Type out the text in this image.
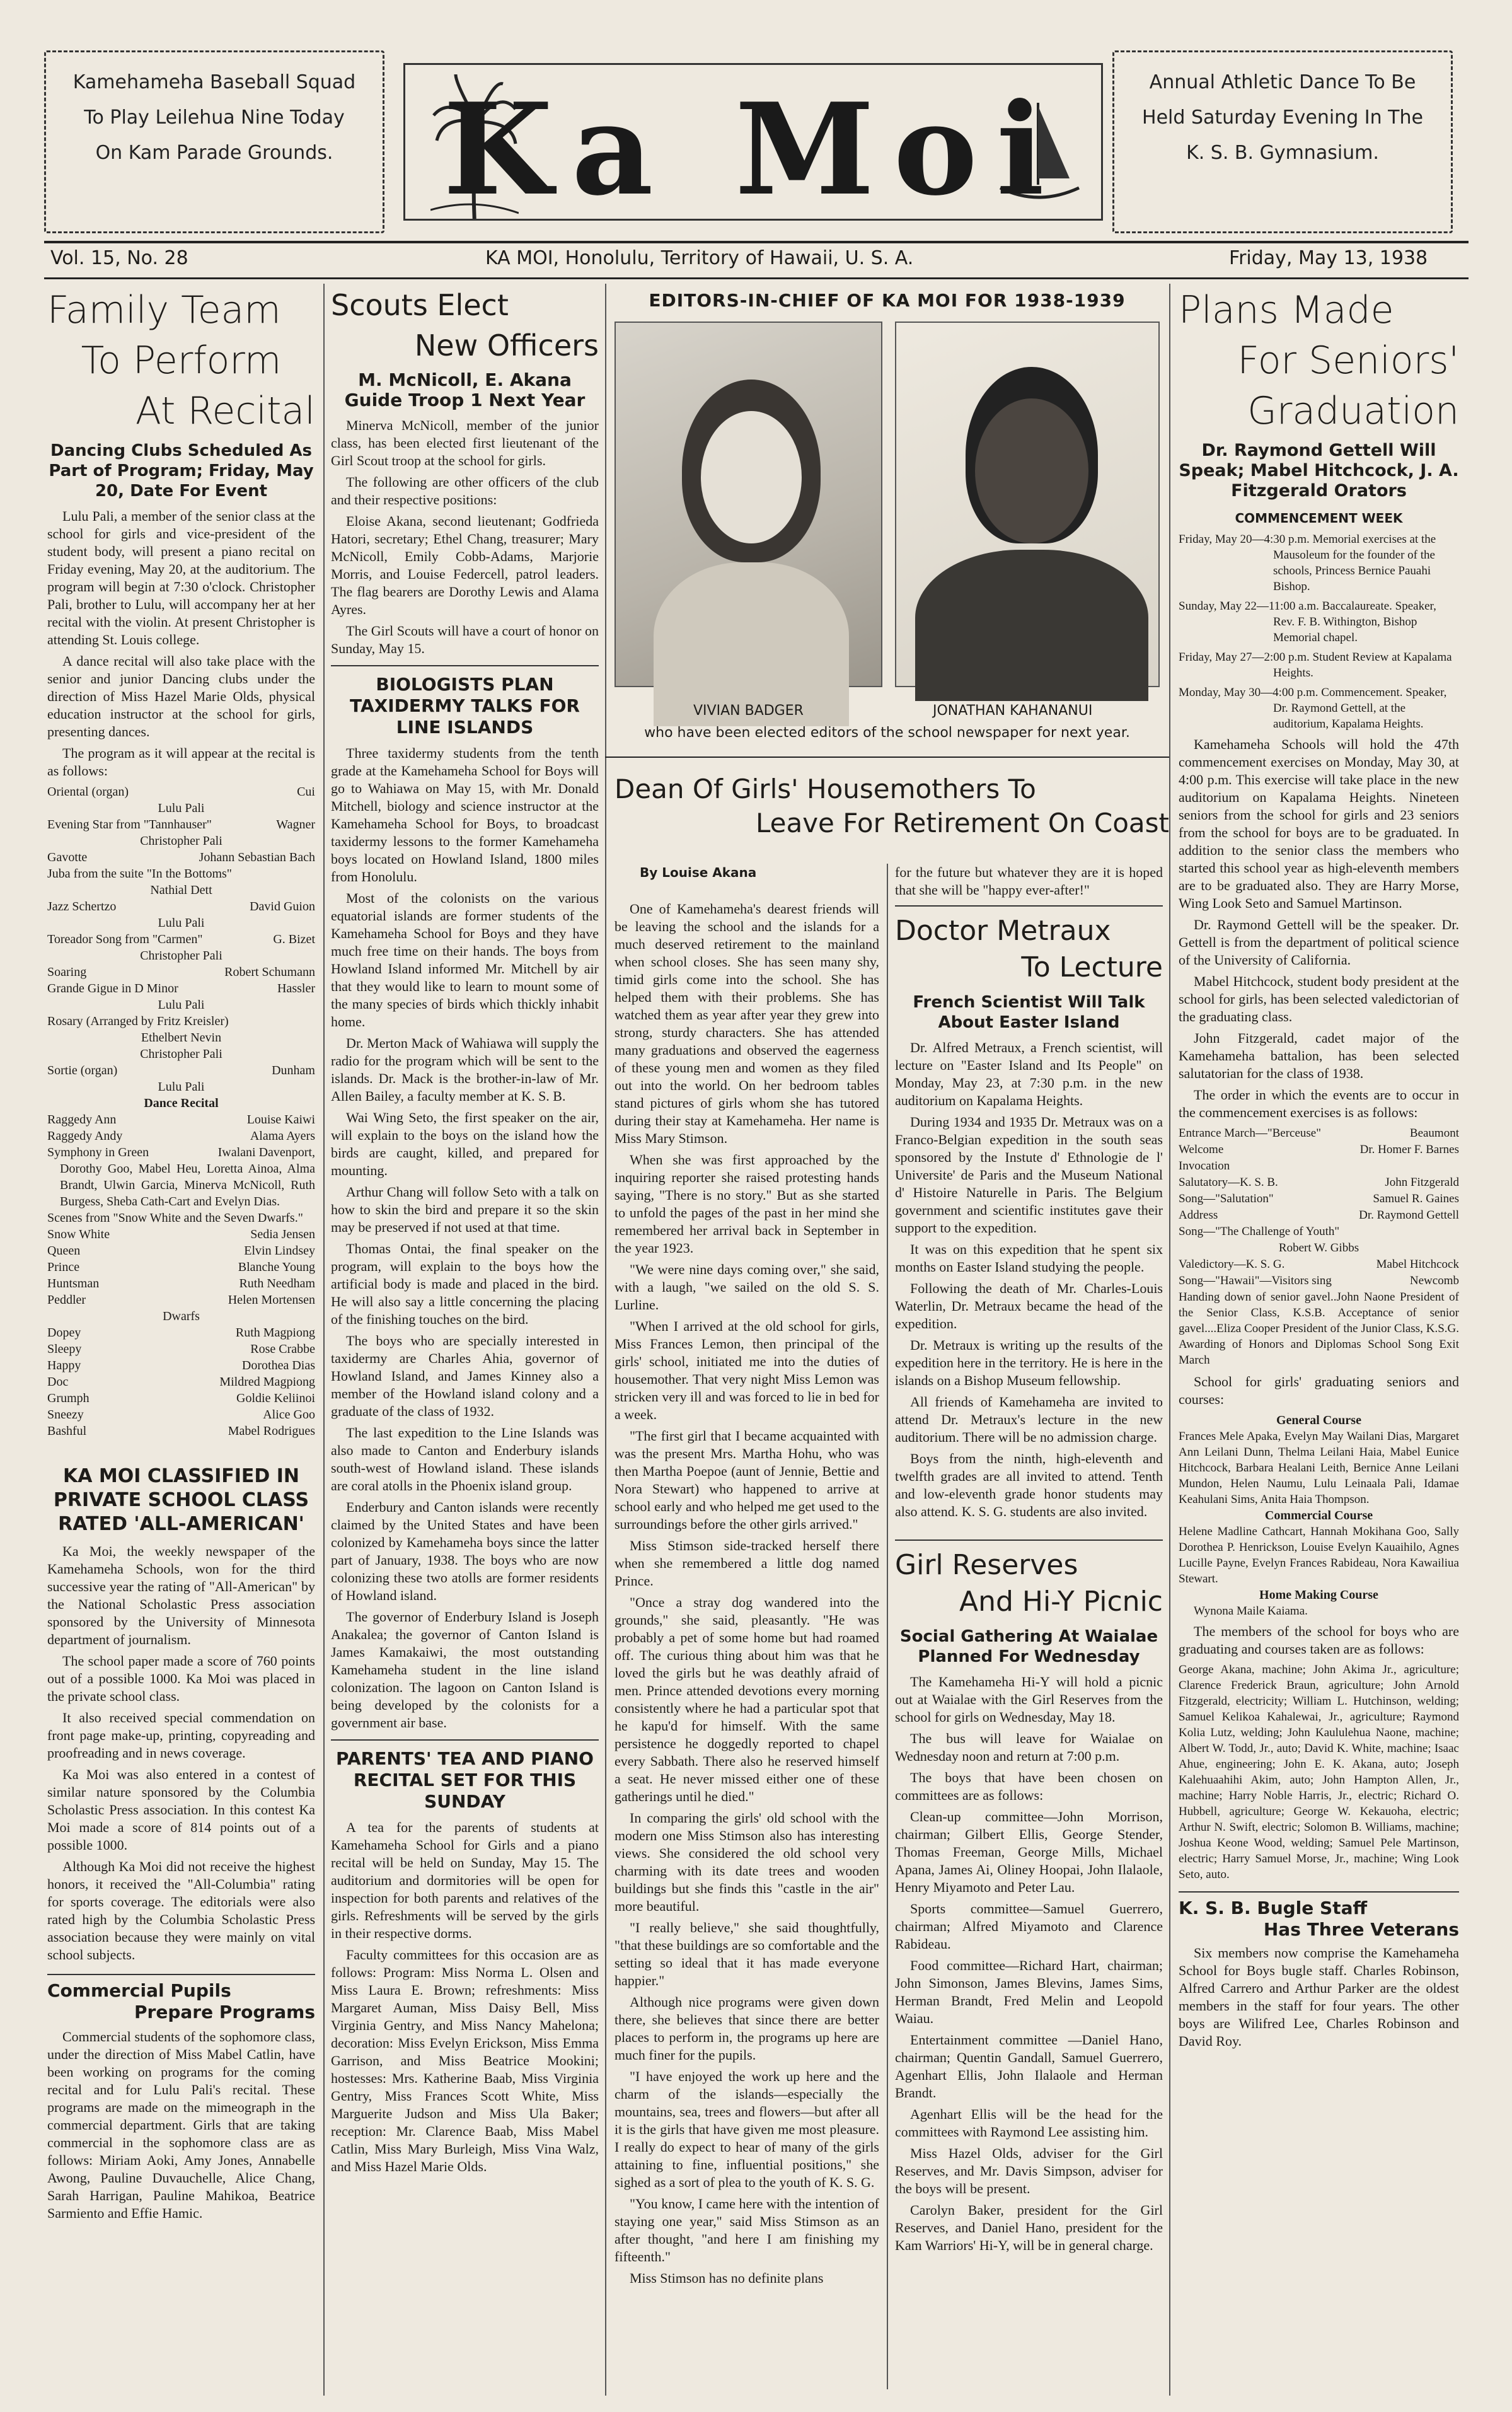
Kamehameha Baseball Squad To Play Leilehua Nine Today On Kam Parade Grounds.
Annual Athletic Dance To Be Held Saturday Evening In The K. S. B. Gymnasium.
Ka Moi
Vol. 15, No. 28	KA MOI, Honolulu, Territory of Hawaii, U. S. A.	Friday, May 13, 1938

Family Team

To Perform

At Recital

Dancing Clubs Scheduled As Part of Program; Friday, May 20, Date For Event

Lulu Pali, a member of the senior class at the school for girls and vice-president of the student body, will present a piano recital on Friday evening, May 20, at the auditorium. The program will begin at 7:30 o'clock. Christopher Pali, brother to Lulu, will accompany her at her recital with the violin. At present Christopher is attending St. Louis college.

A dance recital will also take place with the senior and junior Dancing clubs under the direction of Miss Hazel Marie Olds, physical education instructor at the school for girls, presenting dances.

The program as it will appear at the recital is as follows:

Oriental (organ)	Cui
Lulu Pali
Evening Star from "Tannhauser"	Wagner
Christopher Pali
Gavotte	Johann Sebastian Bach
Juba from the suite "In the Bottoms"
Nathial Dett
Jazz Schertzo	David Guion
Lulu Pali
Toreador Song from "Carmen"	G. Bizet
Christopher Pali
Soaring	Robert Schumann
Grande Gigue in D Minor	Hassler
Lulu Pali
Rosary (Arranged by Fritz Kreisler)
Ethelbert Nevin
Christopher Pali
Sortie (organ)	Dunham
Lulu Pali
Dance Recital
Raggedy Ann	Louise Kaiwi
Raggedy Andy	Alama Ayers
Symphony in Green	Iwalani Davenport,
Dorothy Goo, Mabel Heu, Loretta Ainoa, Alma Brandt, Ulwin Garcia, Minerva McNicoll, Ruth Burgess, Sheba Cath-Cart and Evelyn Dias.
Scenes from "Snow White and the Seven Dwarfs."
Snow White	Sedia Jensen
Queen	Elvin Lindsey
Prince	Blanche Young
Huntsman	Ruth Needham
Peddler	Helen Mortensen
Dwarfs
Dopey	Ruth Magpiong
Sleepy	Rose Crabbe
Happy	Dorothea Dias
Doc	Mildred Magpiong
Grumph	Goldie Keliinoi
Sneezy	Alice Goo
Bashful	Mabel Rodrigues
KA MOI CLASSIFIED IN PRIVATE SCHOOL CLASS RATED 'ALL-AMERICAN'

Ka Moi, the weekly newspaper of the Kamehameha Schools, won for the third successive year the rating of "All-American" by the National Scholastic Press association sponsored by the University of Minnesota department of journalism.

The school paper made a score of 760 points out of a possible 1000. Ka Moi was placed in the private school class.

It also received special commendation on front page make-up, printing, copyreading and proofreading and in news coverage.

Ka Moi was also entered in a contest of similar nature sponsored by the Columbia Scholastic Press association. In this contest Ka Moi made a score of 814 points out of a possible 1000.

Although Ka Moi did not receive the highest honors, it received the "All-Columbia" rating for sports coverage. The editorials were also rated high by the Columbia Scholastic Press association because they were mainly on vital school subjects.

Commercial Pupils
Prepare Programs

Commercial students of the sophomore class, under the direction of Miss Mabel Catlin, have been working on programs for the coming recital and for Lulu Pali's recital. These programs are made on the mimeograph in the commercial department. Girls that are taking commercial in the sophomore class are as follows: Miriam Aoki, Amy Jones, Annabelle Awong, Pauline Duvauchelle, Alice Chang, Sarah Harrigan, Pauline Mahikoa, Beatrice Sarmiento and Effie Hamic.

Scouts Elect

New Officers

M. McNicoll, E. Akana Guide Troop 1 Next Year

Minerva McNicoll, member of the junior class, has been elected first lieutenant of the Girl Scout troop at the school for girls.

The following are other officers of the club and their respective positions:

Eloise Akana, second lieutenant; Godfrieda Hatori, secretary; Ethel Chang, treasurer; Mary McNicoll, Emily Cobb-Adams, Marjorie Morris, and Louise Federcell, patrol leaders. The flag bearers are Dorothy Lewis and Alama Ayres.

The Girl Scouts will have a court of honor on Sunday, May 15.

BIOLOGISTS PLAN TAXIDERMY TALKS FOR LINE ISLANDS

Three taxidermy students from the tenth grade at the Kamehameha School for Boys will go to Wahiawa on May 15, with Mr. Donald Mitchell, biology and science instructor at the Kamehameha School for Boys, to broadcast taxidermy lessons to the former Kamehameha boys located on Howland Island, 1800 miles from Honolulu.

Most of the colonists on the various equatorial islands are former students of the Kamehameha School for Boys and they have much free time on their hands. The boys from Howland Island informed Mr. Mitchell by air that they would like to learn to mount some of the many species of birds which thickly inhabit home.

Dr. Merton Mack of Wahiawa will supply the radio for the program which will be sent to the islands. Dr. Mack is the brother-in-law of Mr. Allen Bailey, a faculty member at K. S. B.

Wai Wing Seto, the first speaker on the air, will explain to the boys on the island how the birds are caught, killed, and prepared for mounting.

Arthur Chang will follow Seto with a talk on how to skin the bird and prepare it so the skin may be preserved if not used at that time.

Thomas Ontai, the final speaker on the program, will explain to the boys how the artificial body is made and placed in the bird. He will also say a little concerning the placing of the finishing touches on the bird.

The boys who are specially interested in taxidermy are Charles Ahia, governor of Howland Island, and James Kinney also a member of the Howland island colony and a graduate of the class of 1932.

The last expedition to the Line Islands was also made to Canton and Enderbury islands south-west of Howland island. These islands are coral atolls in the Phoenix island group.

Enderbury and Canton islands were recently claimed by the United States and have been colonized by Kamehameha boys since the latter part of January, 1938. The boys who are now colonizing these two atolls are former residents of Howland island.

The governor of Enderbury Island is Joseph Anakalea; the governor of Canton Island is James Kamakaiwi, the most outstanding Kamehameha student in the line island colonization. The lagoon on Canton Island is being developed by the colonists for a government air base.

PARENTS' TEA AND PIANO RECITAL SET FOR THIS SUNDAY

A tea for the parents of students at Kamehameha School for Girls and a piano recital will be held on Sunday, May 15. The auditorium and dormitories will be open for inspection for both parents and relatives of the girls. Refreshments will be served by the girls in their respective dorms.

Faculty committees for this occasion are as follows: Program: Miss Norma L. Olsen and Miss Laura E. Brown; refreshments: Miss Margaret Auman, Miss Daisy Bell, Miss Virginia Gentry, and Miss Nancy Mahelona; decoration: Miss Evelyn Erickson, Miss Emma Garrison, and Miss Beatrice Mookini; hostesses: Mrs. Katherine Baab, Miss Virginia Gentry, Miss Frances Scott White, Miss Marguerite Judson and Miss Ula Baker; reception: Mr. Clarence Baab, Miss Mabel Catlin, Miss Mary Burleigh, Miss Vina Walz, and Miss Hazel Marie Olds.

EDITORS-IN-CHIEF OF KA MOI FOR 1938-1939
VIVIAN BADGER	JONATHAN KAHANANUI
who have been elected editors of the school newspaper for next year.
Dean Of Girls' Housemothers To
Leave For Retirement On Coast
By Louise Akana

One of Kamehameha's dearest friends will be leaving the school and the islands for a much deserved retirement to the mainland when school closes. She has seen many shy, timid girls come into the school. She has helped them with their problems. She has watched them as year after year they grew into strong, sturdy characters. She has attended many graduations and observed the eagerness of these young men and women as they filed out into the world. On her bedroom tables stand pictures of girls whom she has tutored during their stay at Kamehameha. Her name is Miss Mary Stimson.

When she was first approached by the inquiring reporter she raised protesting hands saying, "There is no story." But as she started to unfold the pages of the past in her mind she remembered her arrival back in September in the year 1923.

"We were nine days coming over," she said, with a laugh, "we sailed on the old S. S. Lurline.

"When I arrived at the old school for girls, Miss Frances Lemon, then principal of the girls' school, initiated me into the duties of housemother. That very night Miss Lemon was stricken very ill and was forced to lie in bed for a week.

"The first girl that I became acquainted with was the present Mrs. Martha Hohu, who was then Martha Poepoe (aunt of Jennie, Bettie and Nora Stewart) who happened to arrive at school early and who helped me get used to the surroundings before the other girls arrived."

Miss Stimson side-tracked herself there when she remembered a little dog named Prince.

"Once a stray dog wandered into the grounds," she said, pleasantly. "He was probably a pet of some home but had roamed off. The curious thing about him was that he loved the girls but he was deathly afraid of men. Prince attended devotions every morning consistently where he had a particular spot that he kapu'd for himself. With the same persistence he doggedly reported to chapel every Sabbath. There also he reserved himself a seat. He never missed either one of these gatherings until he died."

In comparing the girls' old school with the modern one Miss Stimson also has interesting views. She considered the old school very charming with its date trees and wooden buildings but she finds this "castle in the air" more beautiful.

"I really believe," she said thoughtfully, "that these buildings are so comfortable and the setting so ideal that it has made everyone happier."

Although nice programs were given down there, she believes that since there are better places to perform in, the programs up here are much finer for the pupils.

"I have enjoyed the work up here and the charm of the islands—especially the mountains, sea, trees and flowers—but after all it is the girls that have given me most pleasure. I really do expect to hear of many of the girls attaining to fine, influential positions," she sighed as a sort of plea to the youth of K. S. G.

"You know, I came here with the intention of staying one year," said Miss Stimson as an after thought, "and here I am finishing my fifteenth."

Miss Stimson has no definite plans

for the future but whatever they are it is hoped that she will be "happy ever-after!"

Doctor Metraux
To Lecture
French Scientist Will Talk About Easter Island

Dr. Alfred Metraux, a French scientist, will lecture on "Easter Island and Its People" on Monday, May 23, at 7:30 p.m. in the new auditorium on Kapalama Heights.

During 1934 and 1935 Dr. Metraux was on a Franco-Belgian expedition in the south seas sponsored by the Instute d' Ethnologie de l' Universite' de Paris and the Museum National d' Histoire Naturelle in Paris. The Belgium government and scientific institutes gave their support to the expedition.

It was on this expedition that he spent six months on Easter Island studying the people.

Following the death of Mr. Charles-Louis Waterlin, Dr. Metraux became the head of the expedition.

Dr. Metraux is writing up the results of the expedition here in the territory. He is here in the islands on a Bishop Museum fellowship.

All friends of Kamehameha are invited to attend Dr. Metraux's lecture in the new auditorium. There will be no admission charge.

Boys from the ninth, high-eleventh and twelfth grades are all invited to attend. Tenth and low-eleventh grade honor students may also attend. K. S. G. students are also invited.

Girl Reserves
And Hi-Y Picnic
Social Gathering At Waialae Planned For Wednesday

The Kamehameha Hi-Y will hold a picnic out at Waialae with the Girl Reserves from the school for girls on Wednesday, May 18.

The bus will leave for Waialae on Wednesday noon and return at 7:00 p.m.

The boys that have been chosen on committees are as follows:

Clean-up committee—John Morrison, chairman; Gilbert Ellis, George Stender, Thomas Freeman, George Mills, Michael Apana, James Ai, Oliney Hoopai, John Ilalaole, Henry Miyamoto and Peter Lau.

Sports committee—Samuel Guerrero, chairman; Alfred Miyamoto and Clarence Rabideau.

Food committee—Richard Hart, chairman; John Simonson, James Blevins, James Sims, Herman Brandt, Fred Melin and Leopold Waiau.

Entertainment committee —Daniel Hano, chairman; Quentin Gandall, Samuel Guerrero, Agenhart Ellis, John Ilalaole and Herman Brandt.

Agenhart Ellis will be the head for the committees with Raymond Lee assisting him.

Miss Hazel Olds, adviser for the Girl Reserves, and Mr. Davis Simpson, adviser for the boys will be present.

Carolyn Baker, president for the Girl Reserves, and Daniel Hano, president for the Kam Warriors' Hi-Y, will be in general charge.

Plans Made

For Seniors'

Graduation

Dr. Raymond Gettell Will Speak; Mabel Hitchcock, J. A. Fitzgerald Orators
COMMENCEMENT WEEK
Friday, May 20—4:30 p.m. Memorial exercises at the Mausoleum for the founder of the schools, Princess Bernice Pauahi Bishop.
Sunday, May 22—11:00 a.m. Baccalaureate. Speaker, Rev. F. B. Withington, Bishop Memorial chapel.
Friday, May 27—2:00 p.m. Student Review at Kapalama Heights.
Monday, May 30—4:00 p.m. Commencement. Speaker, Dr. Raymond Gettell, at the auditorium, Kapalama Heights.

Kamehameha Schools will hold the 47th commencement exercises on Monday, May 30, at 4:00 p.m. This exercise will take place in the new auditorium on Kapalama Heights. Nineteen seniors from the school for girls and 23 seniors from the school for boys are to be graduated. In addition to the senior class the members who started this school year as high-eleventh members are to be graduated also. They are Harry Morse, Wing Look Seto and Samuel Martinson.

Dr. Raymond Gettell will be the speaker. Dr. Gettell is from the department of political science of the University of California.

Mabel Hitchcock, student body president at the school for girls, has been selected valedictorian of the graduating class.

John Fitzgerald, cadet major of the Kamehameha battalion, has been selected salutatorian for the class of 1938.

The order in which the events are to occur in the commencement exercises is as follows:

Entrance March—"Berceuse"	Beaumont
Welcome	Dr. Homer F. Barnes
Invocation
Salutatory—K. S. B.	John Fitzgerald
Song—"Salutation"	Samuel R. Gaines
Address	Dr. Raymond Gettell
Song—"The Challenge of Youth"
Robert W. Gibbs
Valedictory—K. S. G.	Mabel Hitchcock
Song—"Hawaii"—Visitors sing	Newcomb
Handing down of senior gavel..John Naone President of the Senior Class, K.S.B. Acceptance of senior gavel....Eliza Cooper President of the Junior Class, K.S.G. Awarding of Honors and Diplomas School Song Exit March

School for girls' graduating seniors and courses:

General Course
Frances Mele Apaka, Evelyn May Wailani Dias, Margaret Ann Leilani Dunn, Thelma Leilani Haia, Mabel Eunice Hitchcock, Barbara Healani Leith, Bernice Anne Leilani Mundon, Helen Naumu, Lulu Leinaala Pali, Idamae Keahulani Sims, Anita Haia Thompson.
Commercial Course
Helene Madline Cathcart, Hannah Mokihana Goo, Sally Dorothea P. Henrickson, Louise Evelyn Kauaihilo, Agnes Lucille Payne, Evelyn Frances Rabideau, Nora Kawailiua Stewart.
Home Making Course
Wynona Maile Kaiama.

The members of the school for boys who are graduating and courses taken are as follows:

George Akana, machine; John Akima Jr., agriculture; Clarence Frederick Braun, agriculture; John Arnold Fitzgerald, electricity; William L. Hutchinson, welding; Samuel Kelikoa Kahalewai, Jr., agriculture; Raymond Kolia Lutz, welding; John Kaululehua Naone, machine; Albert W. Todd, Jr., auto; David K. White, machine; Isaac Ahue, engineering; John E. K. Akana, auto; Joseph Kalehuaahihi Akim, auto; John Hampton Allen, Jr., machine; Harry Noble Harris, Jr., electric; Richard O. Hubbell, agriculture; George W. Kekauoha, electric; Arthur N. Swift, electric; Solomon B. Williams, machine; Joshua Keone Wood, welding; Samuel Pele Martinson, electric; Harry Samuel Morse, Jr., machine; Wing Look Seto, auto.
K. S. B. Bugle Staff
Has Three Veterans

Six members now comprise the Kamehameha School for Boys bugle staff. Charles Robinson, Alfred Carrero and Arthur Parker are the oldest members in the staff for four years. The other boys are Wilifred Lee, Charles Robinson and David Roy.
